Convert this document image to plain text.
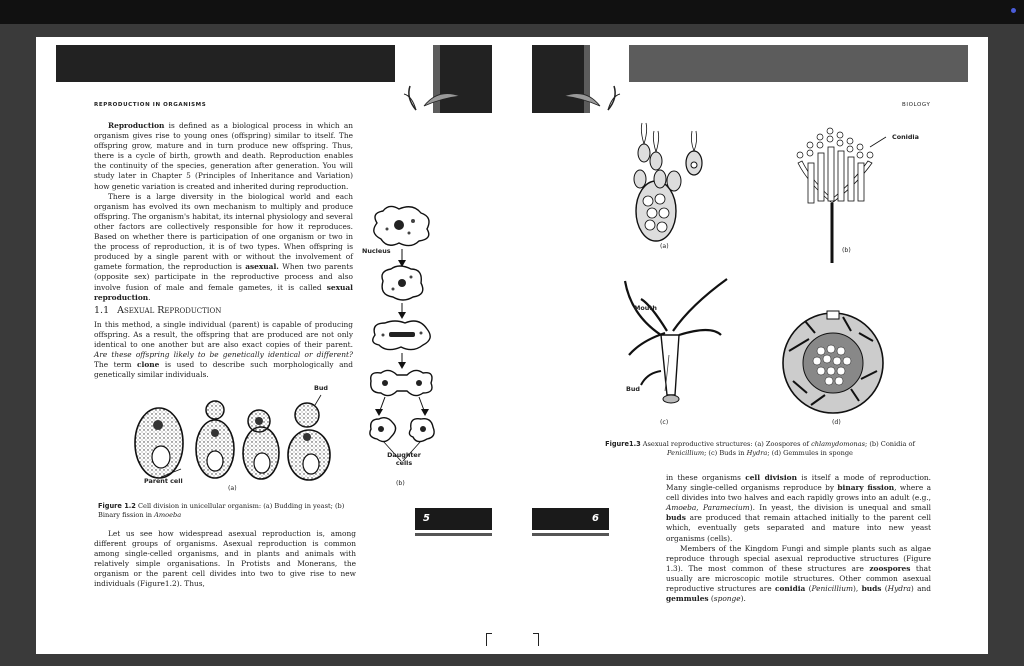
REPRODUCTION IN ORGANISMS	BIOLOGY

Reproduction is defined as a biological process in which an organism gives rise to young ones (offspring) similar to itself. The offspring grow, mature and in turn produce new offspring. Thus, there is a cycle of birth, growth and death. Reproduction enables the continuity of the species, generation after generation. You will study later in Chapter 5 (Principles of Inheritance and Variation) how genetic variation is created and inherited during reproduction.

There is a large diversity in the biological world and each organism has evolved its own mechanism to multiply and produce offspring. The organism's habitat, its internal physiology and several other factors are collectively responsible for how it reproduces. Based on whether there is participation of one organism or two in the process of reproduction, it is of two types. When offspring is produced by a single parent with or without the involvement of gamete formation, the reproduction is asexual. When two parents (opposite sex) participate in the reproductive process and also involve fusion of male and female gametes, it is called sexual reproduction.

1.1 Asexual Reproduction

In this method, a single individual (parent) is capable of producing offspring. As a result, the offspring that are produced are not only identical to one another but are also exact copies of their parent. Are these offspring likely to be genetically identical or different? The term clone is used to describe such morphologically and genetically similar individuals.

Bud
Parent cell
(a)
Nucleus
Daughter cells
(b)
Figure 1.2 Cell division in unicellular organism: (a) Budding in yeast; (b) Binary fission in Amoeba

Let us see how widespread asexual reproduction is, among different groups of organisms. Asexual reproduction is common among single-celled organisms, and in plants and animals with relatively simple organisations. In Protists and Monerans, the organism or the parent cell divides into two to give rise to new individuals (Figure1.2). Thus,

5	6
(a)
Conidia
(b)
Mouth
Bud
(c)	(d)
Figure1.3 Asexual reproductive structures: (a) Zoospores of chlamydomonas; (b) Conidia of Penicillium; (c) Buds in Hydra; (d) Gemmules in sponge

in these organisms cell division is itself a mode of reproduction. Many single-celled organisms reproduce by binary fission, where a cell divides into two halves and each rapidly grows into an adult (e.g., Amoeba, Paramecium). In yeast, the division is unequal and small buds are produced that remain attached initially to the parent cell which, eventually gets separated and mature into new yeast organisms (cells).

Members of the Kingdom Fungi and simple plants such as algae reproduce through special asexual reproductive structures (Figure 1.3). The most common of these structures are zoospores that usually are microscopic motile structures. Other common asexual reproductive structures are conidia (Penicillium), buds (Hydra) and gemmules (sponge).
